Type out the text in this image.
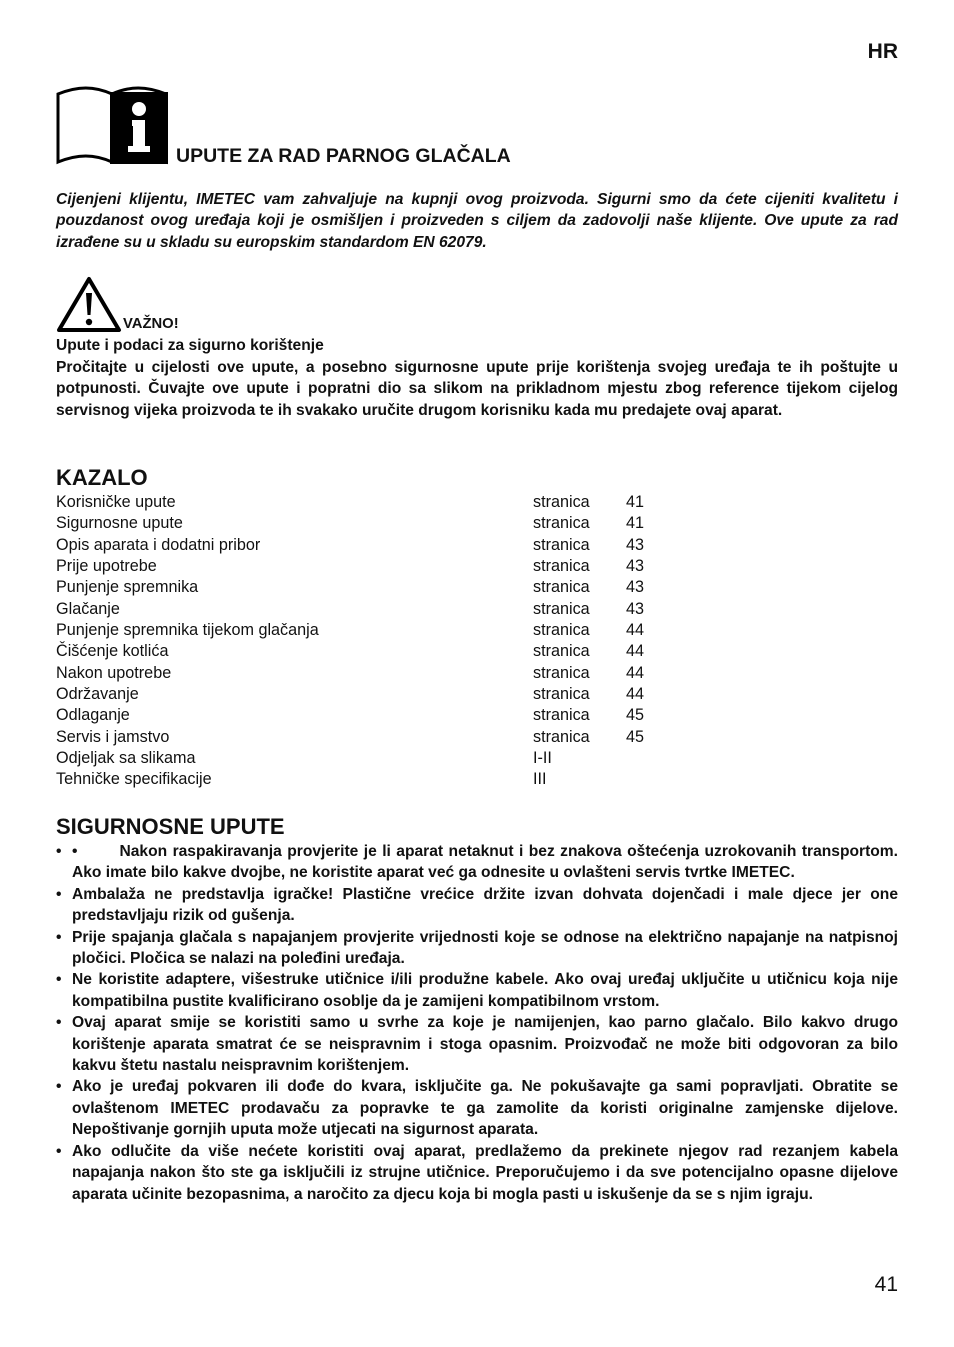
HR
UPUTE ZA RAD PARNOG GLAČALA

Cijenjeni klijentu, IMETEC vam zahvaljuje na kupnji ovog proizvoda. Sigurni smo da ćete cijeniti kvalitetu i pouzdanost ovog uređaja koji je osmišljen i proizveden s ciljem da zadovolji naše klijente. Ove upute za rad izrađene su u skladu su europskim standardom EN 62079.

VAŽNO!
Upute i podaci za sigurno korištenje

Pročitajte u cijelosti ove upute, a posebno sigurnosne upute prije korištenja svojeg uređaja te ih poštujte u potpunosti. Čuvajte ove upute i popratni dio sa slikom na prikladnom mjestu zbog reference tijekom cijelog servisnog vijeka proizvoda te ih svakako uručite drugom korisniku kada mu predajete ovaj aparat.

KAZALO
Korisničke upute	stranica 41
Sigurnosne upute	stranica 41
Opis aparata i dodatni pribor	stranica 43
Prije upotrebe	stranica 43
Punjenje spremnika	stranica 43
Glačanje	stranica 43
Punjenje spremnika tijekom glačanja	stranica 44
Čišćenje kotlića	stranica 44
Nakon upotrebe	stranica 44
Održavanje	stranica 44
Odlaganje	stranica 45
Servis i jamstvo	stranica 45
Odjeljak sa slikama	I-II
Tehničke specifikacije	III
SIGURNOSNE UPUTE
• •	Nakon raspakiravanja provjerite je li aparat netaknut i bez znakova oštećenja uzrokovanih transportom. Ako imate bilo kakve dvojbe, ne koristite aparat već ga odnesite u ovlašteni servis tvrtke IMETEC.
• Ambalaža ne predstavlja igračke! Plastične vrećice držite izvan dohvata dojenčadi i male djece jer one predstavljaju rizik od gušenja.
• Prije spajanja glačala s napajanjem provjerite vrijednosti koje se odnose na električno napajanje na natpisnoj pločici. Pločica se nalazi na poleđini uređaja.
• Ne koristite adaptere, višestruke utičnice i/ili produžne kabele. Ako ovaj uređaj uključite u utičnicu koja nije kompatibilna pustite kvalificirano osoblje da je zamijeni kompatibilnom vrstom.
• Ovaj aparat smije se koristiti samo u svrhe za koje je namijenjen, kao parno glačalo. Bilo kakvo drugo korištenje aparata smatrat će se neispravnim i stoga opasnim. Proizvođač ne može biti odgovoran za bilo kakvu štetu nastalu neispravnim korištenjem.
• Ako je uređaj pokvaren ili dođe do kvara, isključite ga. Ne pokušavajte ga sami popravljati. Obratite se ovlaštenom IMETEC prodavaču za popravke te ga zamolite da koristi originalne zamjenske dijelove. Nepoštivanje gornjih uputa može utjecati na sigurnost aparata.
• Ako odlučite da više nećete koristiti ovaj aparat, predlažemo da prekinete njegov rad rezanjem kabela napajanja nakon što ste ga isključili iz strujne utičnice. Preporučujemo i da sve potencijalno opasne dijelove aparata učinite bezopasnima, a naročito za djecu koja bi mogla pasti u iskušenje da se s njim igraju.
41
